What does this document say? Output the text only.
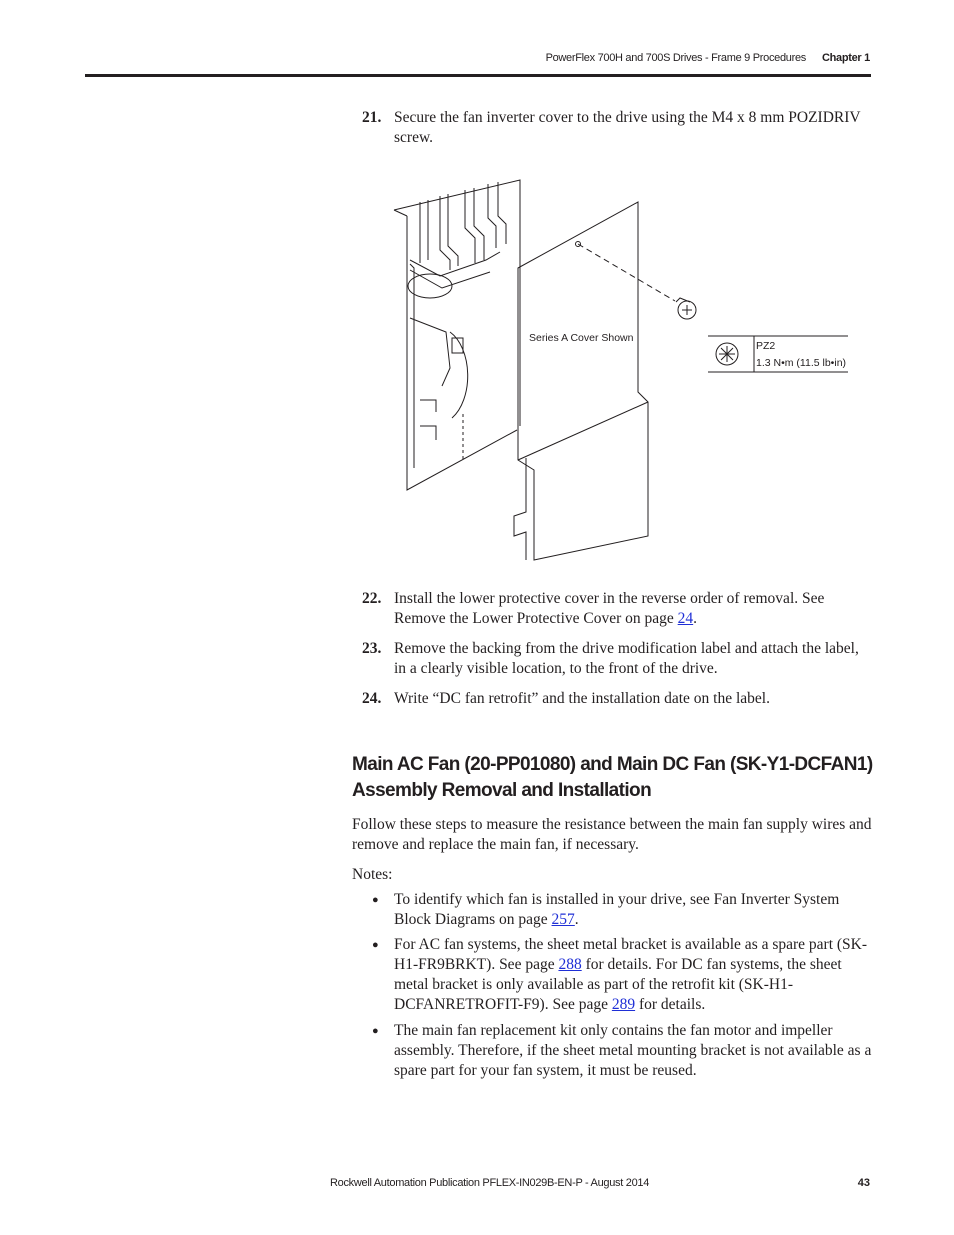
PowerFlex 700H and 700S Drives - Frame 9 Procedures	Chapter 1
21. Secure the fan inverter cover to the drive using the M4 x 8 mm POZIDRIV screw.
Series A Cover Shown
PZ2
1.3 N•m (11.5 lb•in)
22. Install the lower protective cover in the reverse order of removal. See Remove the Lower Protective Cover on page 24.
23. Remove the backing from the drive modification label and attach the label, in a clearly visible location, to the front of the drive.
24. Write “DC fan retrofit” and the installation date on the label.
Main AC Fan (20-PP01080) and Main DC Fan (SK-Y1-DCFAN1) Assembly Removal and Installation
Follow these steps to measure the resistance between the main fan supply wires and remove and replace the main fan, if necessary.
Notes:
● To identify which fan is installed in your drive, see Fan Inverter System Block Diagrams on page 257.
● For AC fan systems, the sheet metal bracket is available as a spare part (SK-H1-FR9BRKT). See page 288 for details. For DC fan systems, the sheet metal bracket is only available as part of the retrofit kit (SK-H1-DCFANRETROFIT-F9). See page 289 for details.
● The main fan replacement kit only contains the fan motor and impeller assembly. Therefore, if the sheet metal mounting bracket is not available as a spare part for your fan system, it must be reused.
Rockwell Automation Publication PFLEX-IN029B-EN-P - August 2014	43
